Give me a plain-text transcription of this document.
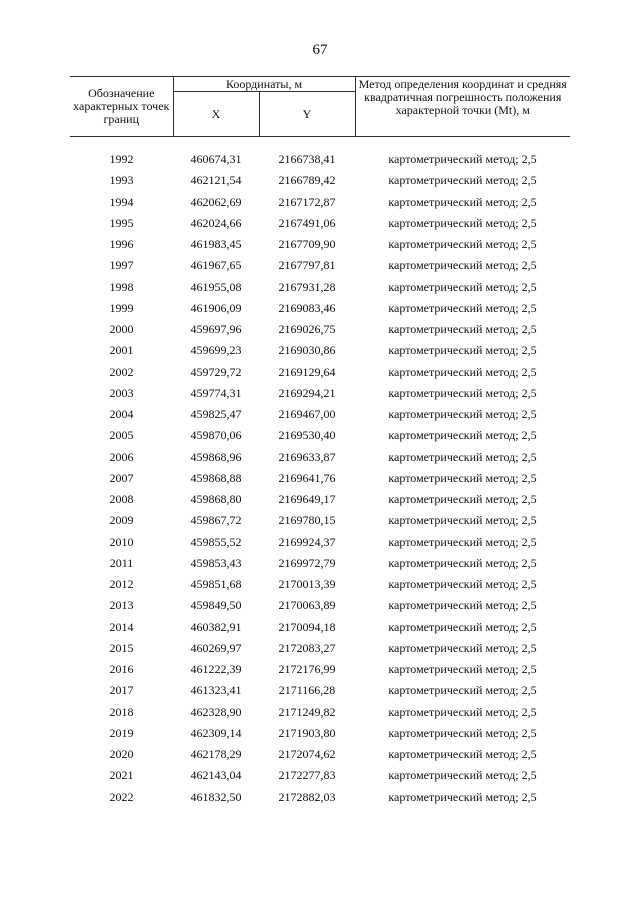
67
Обозначение характерных точек границ	Координаты, м		Метод определения координат и средняя квадратичная погрешность положения характерной точки (Mt), м
	X	Y	

1992	460674,31	2166738,41	картометрический метод; 2,5
1993	462121,54	2166789,42	картометрический метод; 2,5
1994	462062,69	2167172,87	картометрический метод; 2,5
1995	462024,66	2167491,06	картометрический метод; 2,5
1996	461983,45	2167709,90	картометрический метод; 2,5
1997	461967,65	2167797,81	картометрический метод; 2,5
1998	461955,08	2167931,28	картометрический метод; 2,5
1999	461906,09	2169083,46	картометрический метод; 2,5
2000	459697,96	2169026,75	картометрический метод; 2,5
2001	459699,23	2169030,86	картометрический метод; 2,5
2002	459729,72	2169129,64	картометрический метод; 2,5
2003	459774,31	2169294,21	картометрический метод; 2,5
2004	459825,47	2169467,00	картометрический метод; 2,5
2005	459870,06	2169530,40	картометрический метод; 2,5
2006	459868,96	2169633,87	картометрический метод; 2,5
2007	459868,88	2169641,76	картометрический метод; 2,5
2008	459868,80	2169649,17	картометрический метод; 2,5
2009	459867,72	2169780,15	картометрический метод; 2,5
2010	459855,52	2169924,37	картометрический метод; 2,5
2011	459853,43	2169972,79	картометрический метод; 2,5
2012	459851,68	2170013,39	картометрический метод; 2,5
2013	459849,50	2170063,89	картометрический метод; 2,5
2014	460382,91	2170094,18	картометрический метод; 2,5
2015	460269,97	2172083,27	картометрический метод; 2,5
2016	461222,39	2172176,99	картометрический метод; 2,5
2017	461323,41	2171166,28	картометрический метод; 2,5
2018	462328,90	2171249,82	картометрический метод; 2,5
2019	462309,14	2171903,80	картометрический метод; 2,5
2020	462178,29	2172074,62	картометрический метод; 2,5
2021	462143,04	2172277,83	картометрический метод; 2,5
2022	461832,50	2172882,03	картометрический метод; 2,5
